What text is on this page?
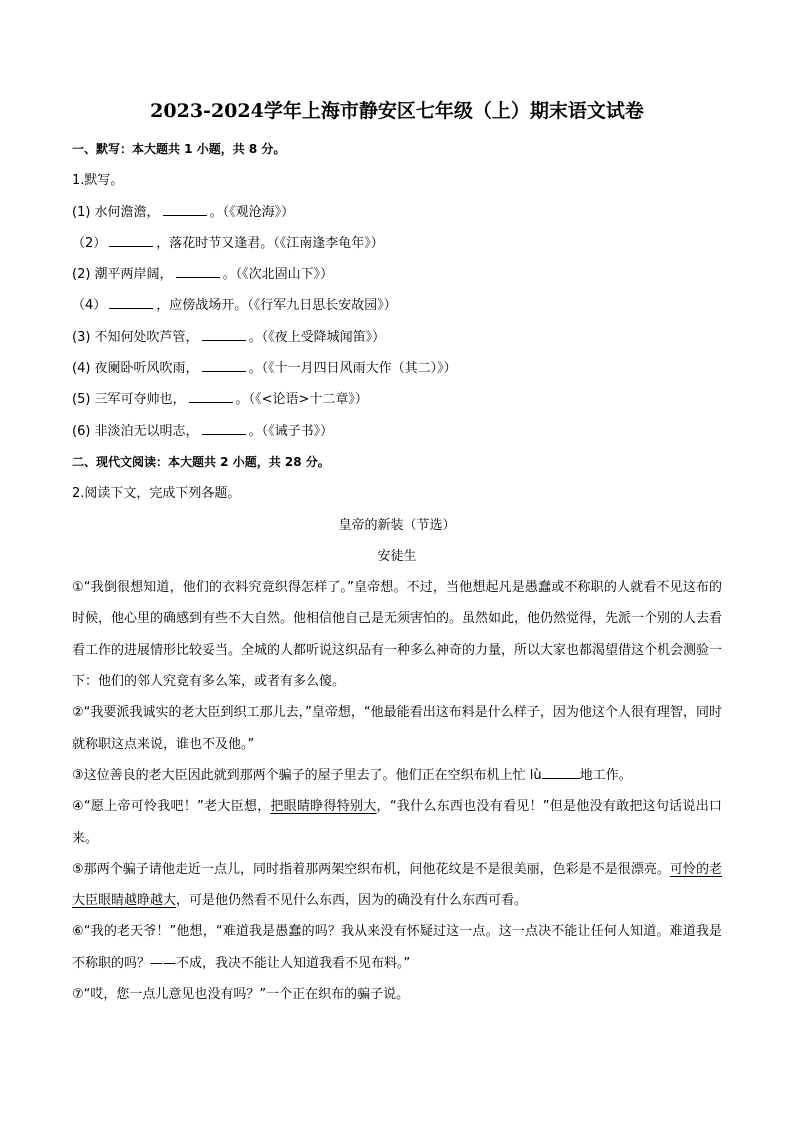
2023-2024学年上海市静安区七年级（上）期末语文试卷
一、默写：本大题共 1 小题，共 8 分。
1.默写。
(1) 水何澹澹，	。（《观沧海》）
（2）	，落花时节又逢君。（《江南逢李龟年》）
(2) 潮平两岸阔，	。（《次北固山下》）
（4）	，应傍战场开。（《行军九日思长安故园》）
(3) 不知何处吹芦管，	。（《夜上受降城闻笛》）
(4) 夜阑卧听风吹雨，	。（《十一月四日风雨大作（其二）》）
(5) 三军可夺帅也，	。（《<论语>十二章》）
(6) 非淡泊无以明志，	。（《诫子书》）
二、现代文阅读：本大题共 2 小题，共 28 分。
2.阅读下文，完成下列各题。
皇帝的新装（节选）
安徒生
①“我倒很想知道，他们的衣料究竟织得怎样了。”皇帝想。不过，当他想起凡是愚蠢或不称职的人就看不见这布的时候，他心里的确感到有些不大自然。他相信他自己是无须害怕的。虽然如此，他仍然觉得，先派一个别的人去看看工作的进展情形比较妥当。全城的人都听说这织品有一种多么神奇的力量，所以大家也都渴望借这个机会测验一下：他们的邻人究竟有多么笨，或者有多么傻。
②“我要派我诚实的老大臣到织工那儿去，”皇帝想，“他最能看出这布料是什么样子，因为他这个人很有理智，同时就称职这点来说，谁也不及他。”
③这位善良的老大臣因此就到那两个骗子的屋子里去了。他们正在空织布机上忙 lù	地工作。
④“愿上帝可怜我吧！”老大臣想，把眼睛睁得特别大，“我什么东西也没有看见！”但是他没有敢把这句话说出口来。
⑤那两个骗子请他走近一点儿，同时指着那两架空织布机，问他花纹是不是很美丽，色彩是不是很漂亮。可怜的老大臣眼睛越睁越大，可是他仍然看不见什么东西，因为的确没有什么东西可看。
⑥“我的老天爷！”他想，“难道我是愚蠢的吗？我从来没有怀疑过这一点。这一点决不能让任何人知道。难道我是不称职的吗？——不成，我决不能让人知道我看不见布料。”
⑦“哎，您一点儿意见也没有吗？”一个正在织布的骗子说。
